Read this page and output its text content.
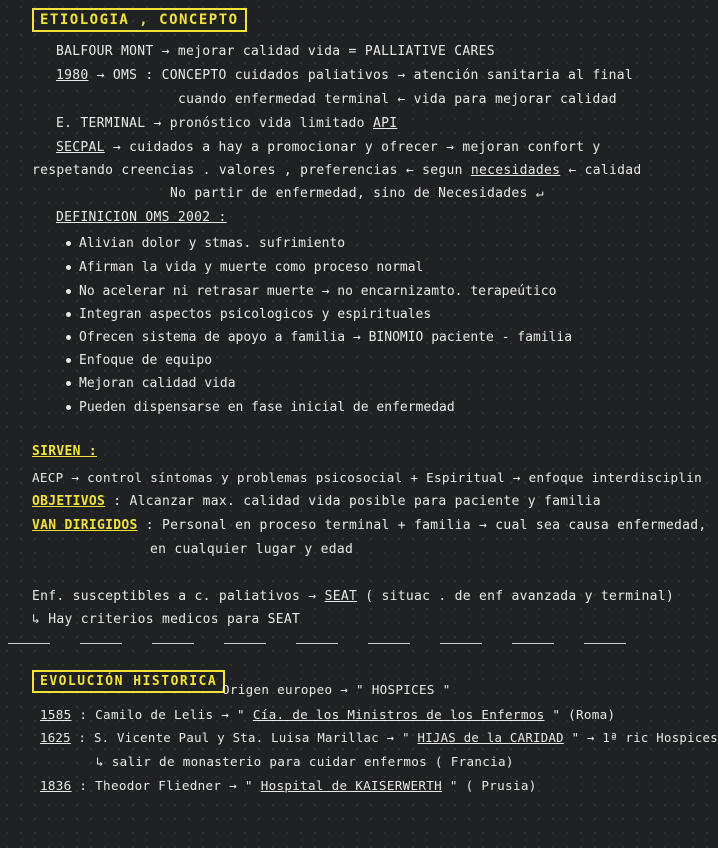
ETIOLOGIA , CONCEPTO
BALFOUR MONT → mejorar calidad vida = PALLIATIVE CARES
1980 → OMS : CONCEPTO cuidados paliativos → atención sanitaria al final
cuando enfermedad terminal ← vida para mejorar calidad
E. TERMINAL → pronóstico vida limitado API
SECPAL → cuidados a hay a promocionar y ofrecer → mejoran confort y
respetando creencias . valores , preferencias ← segun necesidades ← calidad
No partir de enfermedad, sino de Necesidades ↵
DEFINICION OMS 2002 :
Alivian dolor y stmas. sufrimiento
Afirman la vida y muerte como proceso normal
No acelerar ni retrasar muerte → no encarnizamto. terapeútico
Integran aspectos psicologicos y espirituales
Ofrecen sistema de apoyo a familia → BINOMIO paciente - familia
Enfoque de equipo
Mejoran calidad vida
Pueden dispensarse en fase inicial de enfermedad
SIRVEN :
AECP → control síntomas y problemas psicosocial + Espiritual → enfoque interdisciplin
OBJETIVOS : Alcanzar max. calidad vida posible para paciente y familia
VAN DIRIGIDOS : Personal en proceso terminal + familia → cual sea causa enfermedad,
en cualquier lugar y edad
Enf. susceptibles a c. paliativos → SEAT ( situac . de enf avanzada y terminal)
↳ Hay criterios medicos para SEAT
EVOLUCIÓN HISTORICA
Origen europeo → " HOSPICES "
1585 : Camilo de Lelis → " Cía. de los Ministros de los Enfermos " (Roma)
1625 : S. Vicente Paul y Sta. Luisa Marillac → " HIJAS de la CARIDAD " → 1ª ric Hospices
↳ salir de monasterio para cuidar enfermos ( Francia)
1836 : Theodor Fliedner → " Hospital de KAISERWERTH " ( Prusia)
